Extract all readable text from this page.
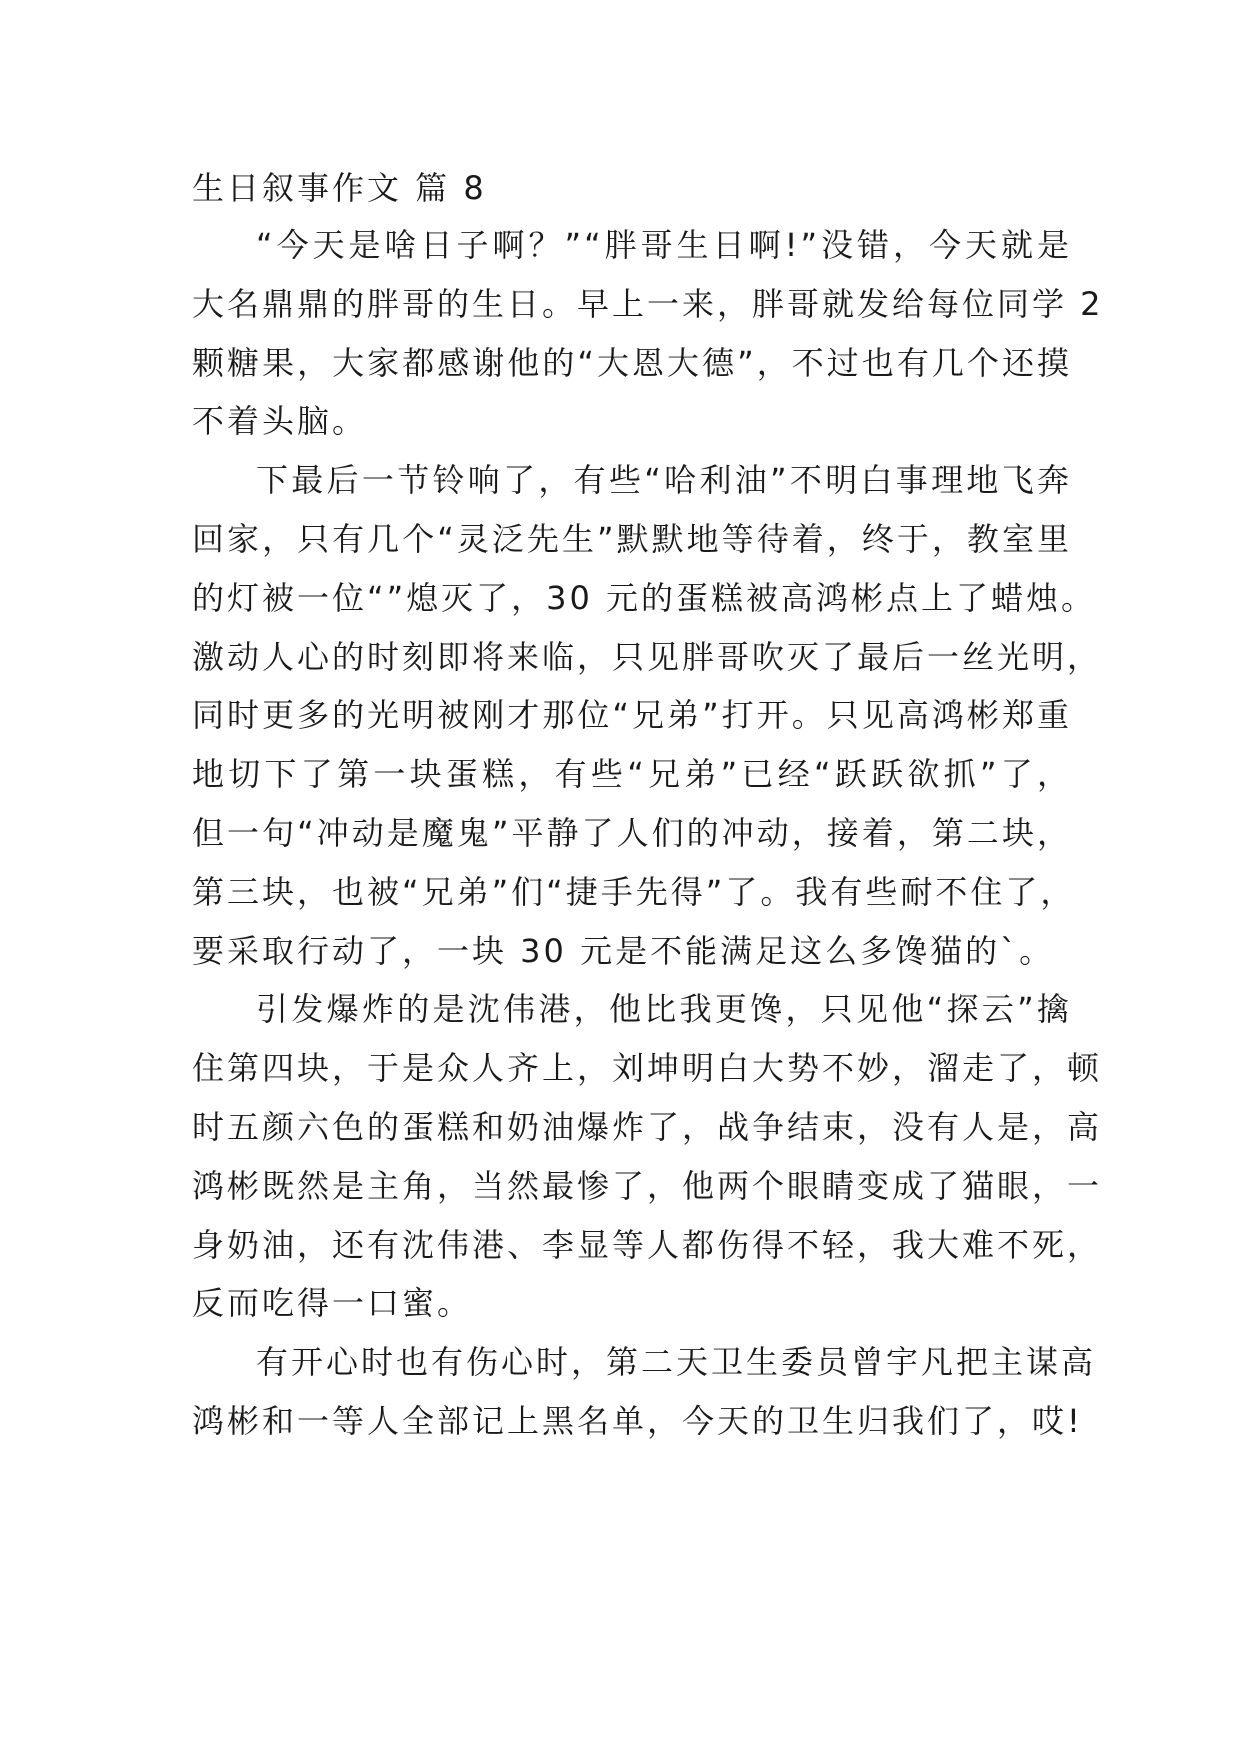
生日叙事作文 篇 8
“今天是啥日子啊？”“胖哥生日啊!”没错，今天就是
大名鼎鼎的胖哥的生日。早上一来，胖哥就发给每位同学 2
颗糖果，大家都感谢他的“大恩大德”，不过也有几个还摸
不着头脑。
下最后一节铃响了，有些“哈利油”不明白事理地飞奔
回家，只有几个“灵泛先生”默默地等待着，终于，教室里
的灯被一位“”熄灭了，30 元的蛋糕被高鸿彬点上了蜡烛。
激动人心的时刻即将来临，只见胖哥吹灭了最后一丝光明，
同时更多的光明被刚才那位“兄弟”打开。只见高鸿彬郑重
地切下了第一块蛋糕，有些“兄弟”已经“跃跃欲抓”了，
但一句“冲动是魔鬼”平静了人们的冲动，接着，第二块，
第三块，也被“兄弟”们“捷手先得”了。我有些耐不住了，
要采取行动了，一块 30 元是不能满足这么多馋猫的`。
引发爆炸的是沈伟港，他比我更馋，只见他“探云”擒
住第四块，于是众人齐上，刘坤明白大势不妙，溜走了，顿
时五颜六色的蛋糕和奶油爆炸了，战争结束，没有人是，高
鸿彬既然是主角，当然最惨了，他两个眼睛变成了猫眼，一
身奶油，还有沈伟港、李显等人都伤得不轻，我大难不死，
反而吃得一口蜜。
有开心时也有伤心时，第二天卫生委员曾宇凡把主谋高
鸿彬和一等人全部记上黑名单，今天的卫生归我们了，哎!
